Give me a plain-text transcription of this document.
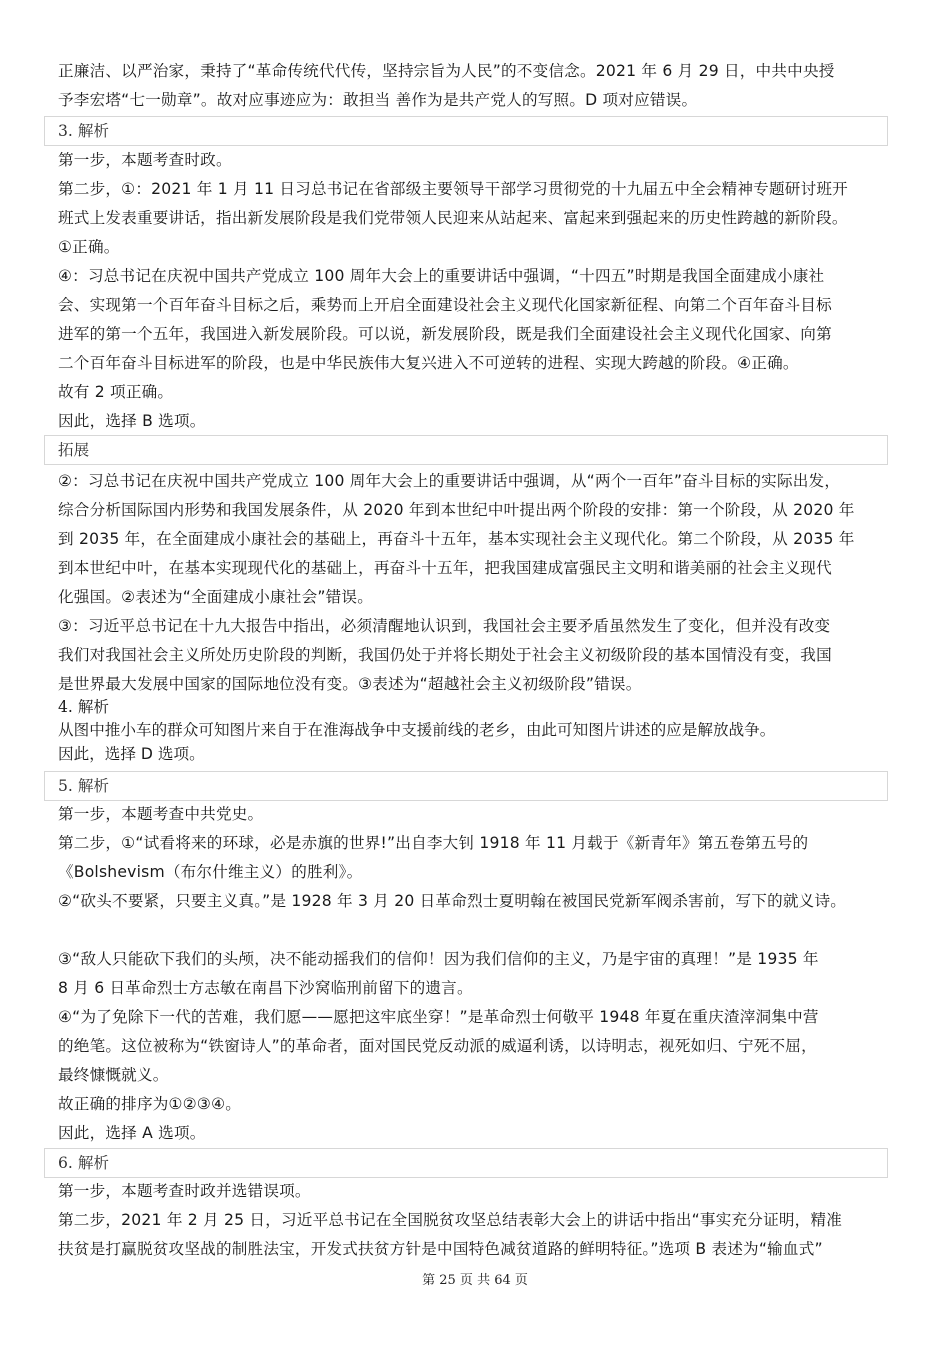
正廉洁、以严治家，秉持了“革命传统代代传，坚持宗旨为人民”的不变信念。2021 年 6 月 29 日，中共中央授
予李宏塔“七一勋章”。故对应事迹应为：敢担当 善作为是共产党人的写照。D 项对应错误。
3. 解析
第一步，本题考查时政。
第二步，①：2021 年 1 月 11 日习总书记在省部级主要领导干部学习贯彻党的十九届五中全会精神专题研讨班开
班式上发表重要讲话，指出新发展阶段是我们党带领人民迎来从站起来、富起来到强起来的历史性跨越的新阶段。
①正确。
④：习总书记在庆祝中国共产党成立 100 周年大会上的重要讲话中强调，“十四五”时期是我国全面建成小康社
会、实现第一个百年奋斗目标之后，乘势而上开启全面建设社会主义现代化国家新征程、向第二个百年奋斗目标
进军的第一个五年，我国进入新发展阶段。可以说，新发展阶段，既是我们全面建设社会主义现代化国家、向第
二个百年奋斗目标进军的阶段，也是中华民族伟大复兴进入不可逆转的进程、实现大跨越的阶段。④正确。
故有 2 项正确。
因此，选择 B 选项。
拓展
②：习总书记在庆祝中国共产党成立 100 周年大会上的重要讲话中强调，从“两个一百年”奋斗目标的实际出发，
综合分析国际国内形势和我国发展条件，从 2020 年到本世纪中叶提出两个阶段的安排：第一个阶段，从 2020 年
到 2035 年，在全面建成小康社会的基础上，再奋斗十五年，基本实现社会主义现代化。第二个阶段，从 2035 年
到本世纪中叶，在基本实现现代化的基础上，再奋斗十五年，把我国建成富强民主文明和谐美丽的社会主义现代
化强国。②表述为“全面建成小康社会”错误。
③：习近平总书记在十九大报告中指出，必须清醒地认识到，我国社会主要矛盾虽然发生了变化，但并没有改变
我们对我国社会主义所处历史阶段的判断，我国仍处于并将长期处于社会主义初级阶段的基本国情没有变，我国
是世界最大发展中国家的国际地位没有变。③表述为“超越社会主义初级阶段”错误。
4. 解析
从图中推小车的群众可知图片来自于在淮海战争中支援前线的老乡，由此可知图片讲述的应是解放战争。
因此，选择 D 选项。
5. 解析
第一步，本题考查中共党史。
第二步，①“试看将来的环球，必是赤旗的世界!”出自李大钊 1918 年 11 月载于《新青年》第五卷第五号的
《Bolshevism（布尔什维主义）的胜利》。
②“砍头不要紧，只要主义真。”是 1928 年 3 月 20 日革命烈士夏明翰在被国民党新军阀杀害前，写下的就义诗。
③“敌人只能砍下我们的头颅，决不能动摇我们的信仰！因为我们信仰的主义，乃是宇宙的真理！”是 1935 年
8 月 6 日革命烈士方志敏在南昌下沙窝临刑前留下的遗言。
④“为了免除下一代的苦难，我们愿——愿把这牢底坐穿！”是革命烈士何敬平 1948 年夏在重庆渣滓洞集中营
的绝笔。这位被称为“铁窗诗人”的革命者，面对国民党反动派的威逼利诱，以诗明志，视死如归、宁死不屈，
最终慷慨就义。
故正确的排序为①②③④。
因此，选择 A 选项。
6. 解析
第一步，本题考查时政并选错误项。
第二步，2021 年 2 月 25 日，习近平总书记在全国脱贫攻坚总结表彰大会上的讲话中指出“事实充分证明，精准
扶贫是打赢脱贫攻坚战的制胜法宝，开发式扶贫方针是中国特色减贫道路的鲜明特征。”选项 B 表述为“输血式”
第 25 页 共 64 页
